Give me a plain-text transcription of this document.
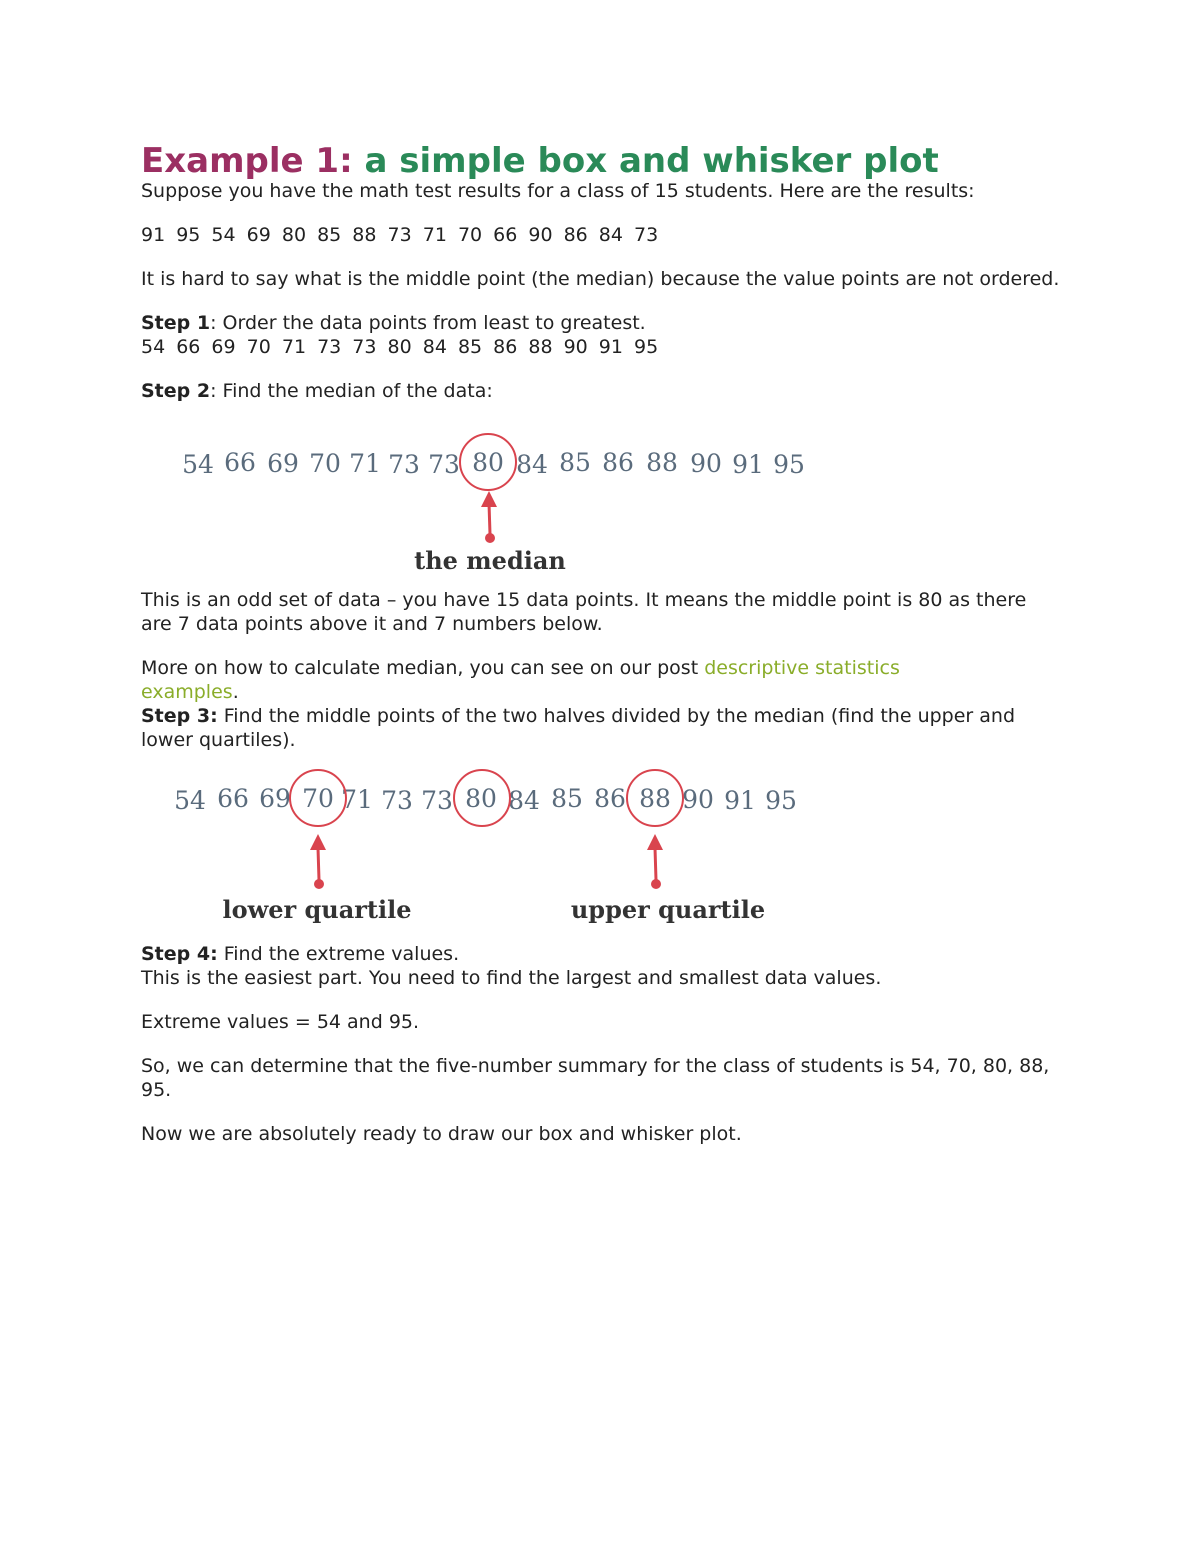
Example 1: a simple box and whisker plot

Suppose you have the math test results for a class of 15 students. Here are the results:

91 95 54 69 80 85 88 73 71 70 66 90 86 84 73

It is hard to say what is the middle point (the median) because the value points are not ordered.

Step 1: Order the data points from least to greatest.

54 66 69 70 71 73 73 80 84 85 86 88 90 91 95

Step 2: Find the median of the data:

54 66 69 70 71 73 73 80 84 85 86 88 90 91 95
the median

This is an odd set of data – you have 15 data points. It means the middle point is 80 as there are 7 data points above it and 7 numbers below.

More on how to calculate median, you can see on our post descriptive statistics
examples.

Step 3: Find the middle points of the two halves divided by the median (find the upper and lower quartiles).

54 66 69 70 71 73 73 80 84 85 86 88 90 91 95
lower quartile	upper quartile

Step 4: Find the extreme values.

This is the easiest part. You need to find the largest and smallest data values.

Extreme values = 54 and 95.

So, we can determine that the five-number summary for the class of students is 54, 70, 80, 88, 95.

Now we are absolutely ready to draw our box and whisker plot.
